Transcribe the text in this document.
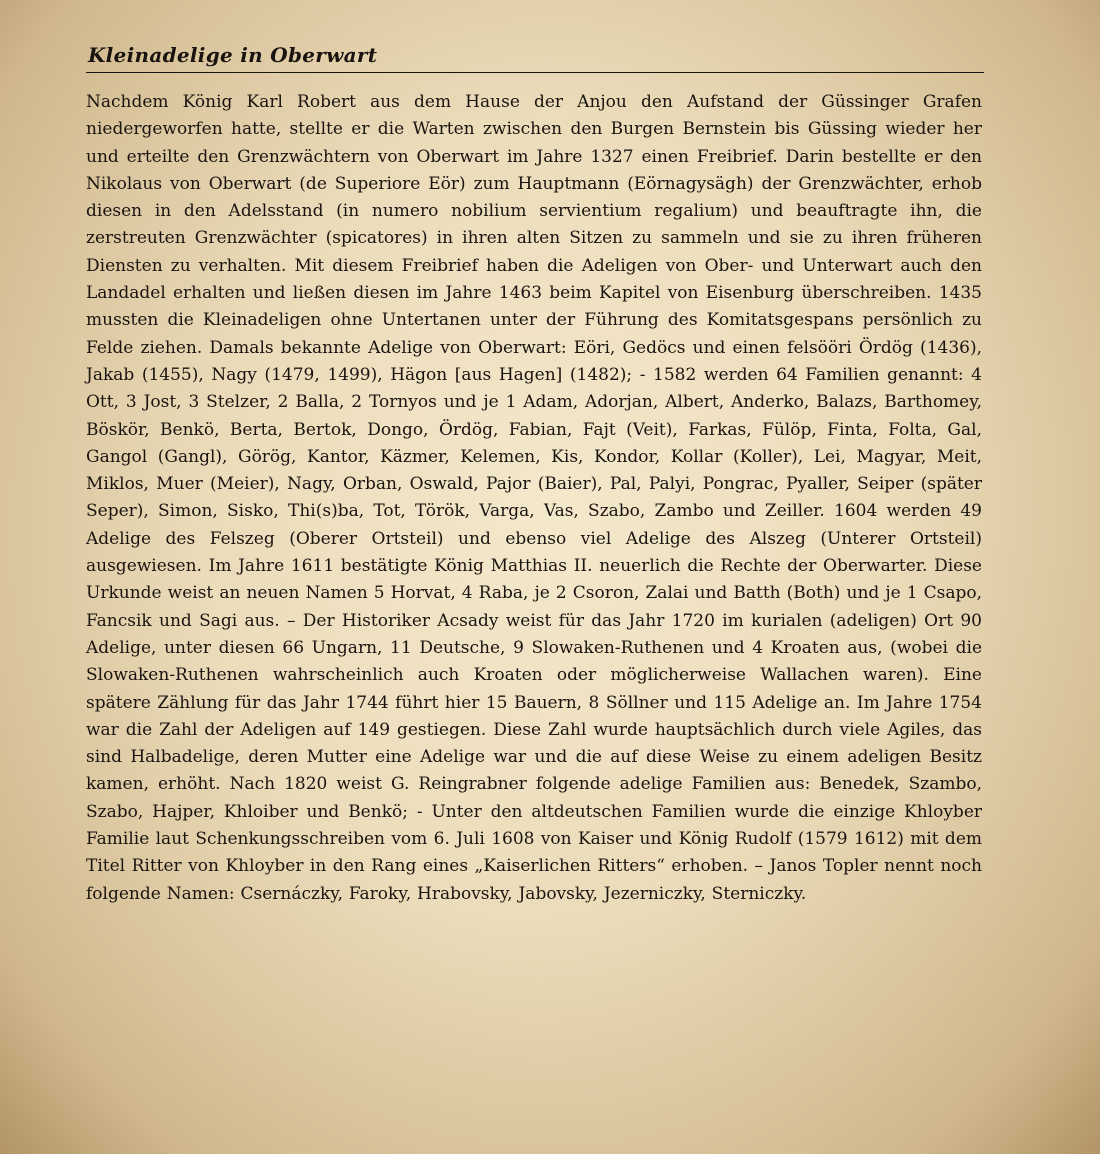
Kleinadelige in Oberwart

Nachdem König Karl Robert aus dem Hause der Anjou den Aufstand der Güssinger Grafen niedergeworfen hatte, stellte er die Warten zwischen den Burgen Bernstein bis Güssing wieder her und erteilte den Grenzwächtern von Oberwart im Jahre 1327 einen Freibrief. Darin bestellte er den Nikolaus von Oberwart (de Superiore Eör) zum Hauptmann (Eörnagysägh) der Grenzwächter, erhob diesen in den Adelsstand (in numero nobilium servientium regalium) und beauftragte ihn, die zerstreuten Grenzwächter (spicatores) in ihren alten Sitzen zu sammeln und sie zu ihren früheren Diensten zu verhalten. Mit diesem Freibrief haben die Adeligen von Ober- und Unterwart auch den Landadel erhalten und ließen diesen im Jahre 1463 beim Kapitel von Eisenburg überschreiben. 1435 mussten die Kleinadeligen ohne Untertanen unter der Führung des Komitatsgespans persönlich zu Felde ziehen. Damals bekannte Adelige von Oberwart: Eöri, Gedöcs und einen felsööri Ördög (1436), Jakab (1455), Nagy (1479, 1499), Hägon [aus Hagen] (1482); - 1582 werden 64 Familien genannt: 4 Ott, 3 Jost, 3 Stelzer, 2 Balla, 2 Tornyos und je 1 Adam, Adorjan, Albert, Anderko, Balazs, Barthomey, Böskör, Benkö, Berta, Bertok, Dongo, Ördög, Fabian, Fajt (Veit), Farkas, Fülöp, Finta, Folta, Gal, Gangol (Gangl), Görög, Kantor, Käzmer, Kelemen, Kis, Kondor, Kollar (Koller), Lei, Magyar, Meit, Miklos, Muer (Meier), Nagy, Orban, Oswald, Pajor (Baier), Pal, Palyi, Pongrac, Pyaller, Seiper (später Seper), Simon, Sisko, Thi(s)ba, Tot, Török, Varga, Vas, Szabo, Zambo und Zeiller. 1604 werden 49 Adelige des Felszeg (Oberer Ortsteil) und ebenso viel Adelige des Alszeg (Unterer Ortsteil) ausgewiesen. Im Jahre 1611 bestätigte König Matthias II. neuerlich die Rechte der Oberwarter. Diese Urkunde weist an neuen Namen 5 Horvat, 4 Raba, je 2 Csoron, Zalai und Batth (Both) und je 1 Csapo, Fancsik und Sagi aus. – Der Historiker Acsady weist für das Jahr 1720 im kurialen (adeligen) Ort 90 Adelige, unter diesen 66 Ungarn, 11 Deutsche, 9 Slowaken-Ruthenen und 4 Kroaten aus, (wobei die Slowaken-Ruthenen wahrscheinlich auch Kroaten oder möglicherweise Wallachen waren). Eine spätere Zählung für das Jahr 1744 führt hier 15 Bauern, 8 Söllner und 115 Adelige an. Im Jahre 1754 war die Zahl der Adeligen auf 149 gestiegen. Diese Zahl wurde hauptsächlich durch viele Agiles, das sind Halbadelige, deren Mutter eine Adelige war und die auf diese Weise zu einem adeligen Besitz kamen, erhöht. Nach 1820 weist G. Reingrabner folgende adelige Familien aus: Benedek, Szambo, Szabo, Hajper, Khloiber und Benkö; - Unter den altdeutschen Familien wurde die einzige Khloyber Familie laut Schenkungsschreiben vom 6. Juli 1608 von Kaiser und König Rudolf (1579 1612) mit dem Titel Ritter von Khloyber in den Rang eines „Kaiserlichen Ritters“ erhoben. – Janos Topler nennt noch folgende Namen: Csernáczky, Faroky, Hrabovsky, Jabovsky, Jezerniczky, Sterniczky.
